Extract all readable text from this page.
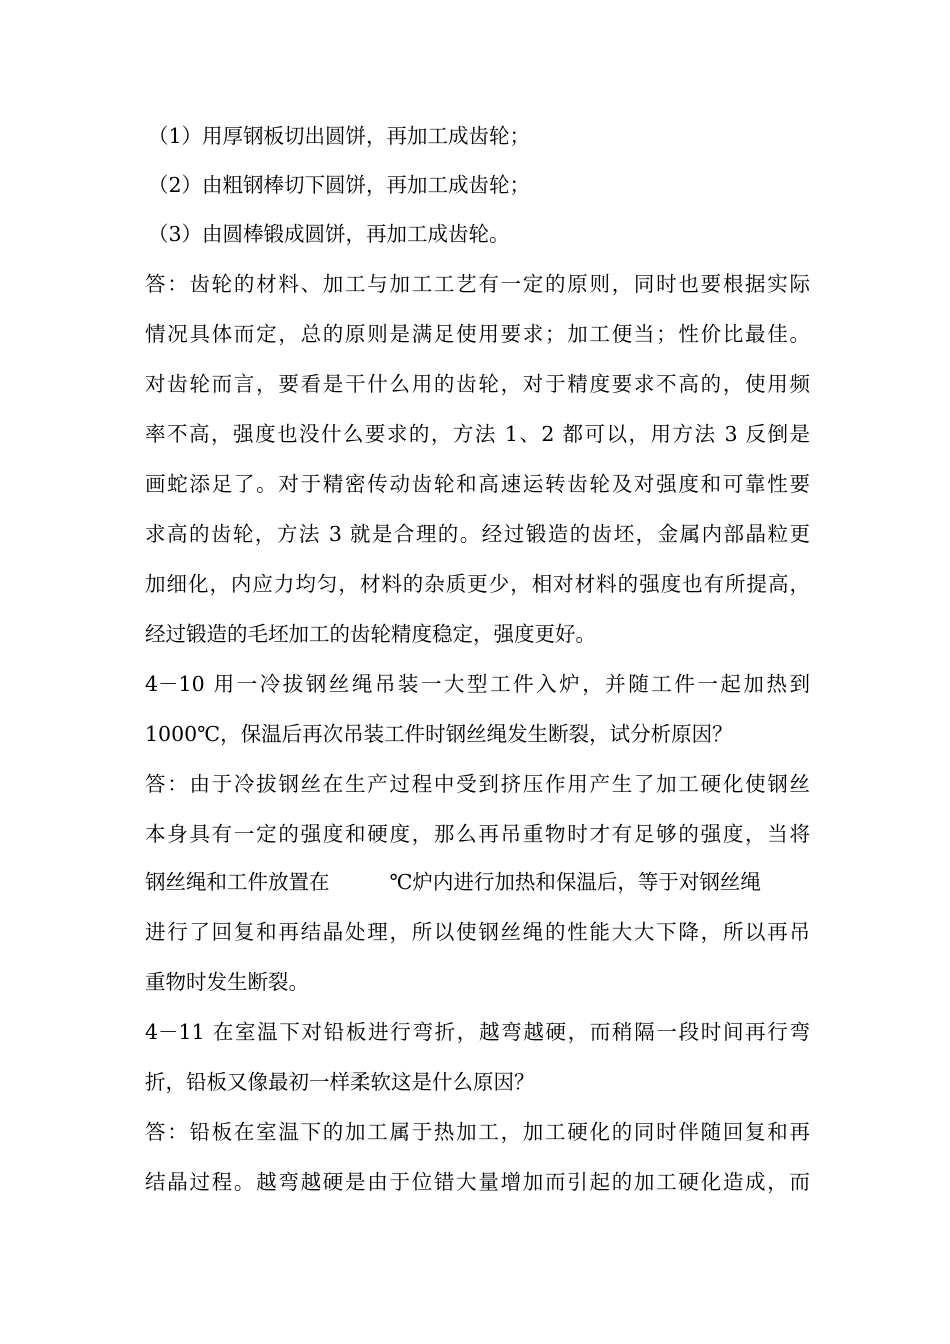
（1）用厚钢板切出圆饼，再加工成齿轮；
（2）由粗钢棒切下圆饼，再加工成齿轮；
（3）由圆棒锻成圆饼，再加工成齿轮。
答：齿轮的材料、加工与加工工艺有一定的原则，同时也要根据实际
情况具体而定，总的原则是满足使用要求；加工便当；性价比最佳。
对齿轮而言，要看是干什么用的齿轮，对于精度要求不高的，使用频
率不高，强度也没什么要求的，方法 1、2 都可以，用方法 3 反倒是
画蛇添足了。对于精密传动齿轮和高速运转齿轮及对强度和可靠性要
求高的齿轮，方法 3 就是合理的。经过锻造的齿坯，金属内部晶粒更
加细化，内应力均匀，材料的杂质更少，相对材料的强度也有所提高，
经过锻造的毛坯加工的齿轮精度稳定，强度更好。
4－10 用一冷拔钢丝绳吊装一大型工件入炉，并随工件一起加热到
1000℃，保温后再次吊装工件时钢丝绳发生断裂，试分析原因？
答：由于冷拔钢丝在生产过程中受到挤压作用产生了加工硬化使钢丝
本身具有一定的强度和硬度，那么再吊重物时才有足够的强度，当将
钢丝绳和工件放置在	℃炉内进行加热和保温后，等于对钢丝绳
进行了回复和再结晶处理，所以使钢丝绳的性能大大下降，所以再吊
重物时发生断裂。
4－11 在室温下对铅板进行弯折，越弯越硬，而稍隔一段时间再行弯
折，铅板又像最初一样柔软这是什么原因？
答：铅板在室温下的加工属于热加工，加工硬化的同时伴随回复和再
结晶过程。越弯越硬是由于位错大量增加而引起的加工硬化造成，而
